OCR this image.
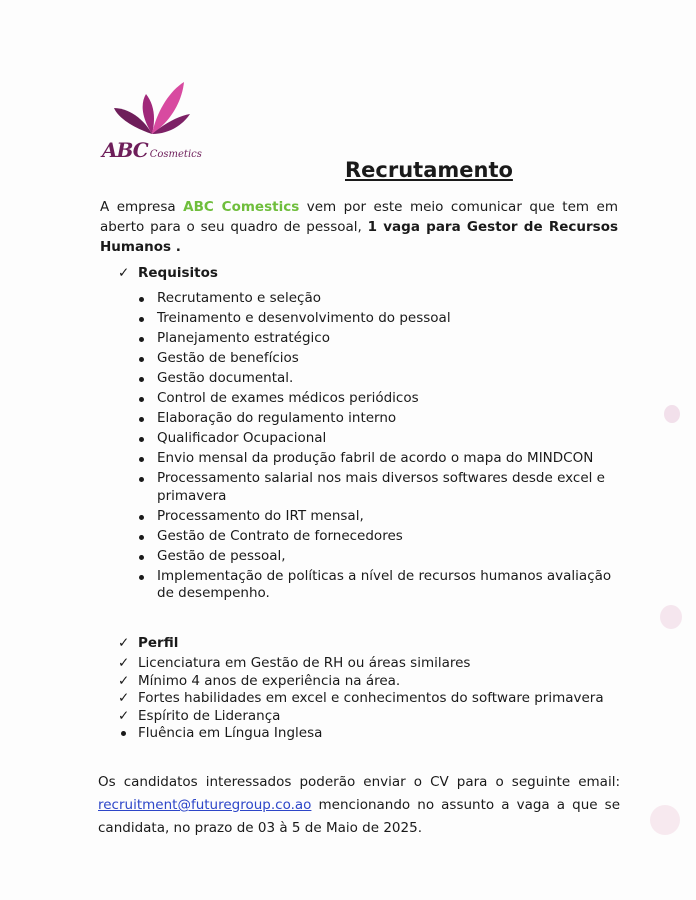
ABC Cosmetics
Recrutamento
A empresa ABC Comestics vem por este meio comunicar que tem em aberto para o seu quadro de pessoal, 1 vaga para Gestor de Recursos Humanos .
✓ Requisitos
Recrutamento e seleção
Treinamento e desenvolvimento do pessoal
Planejamento estratégico
Gestão de benefícios
Gestão documental.
Control de exames médicos periódicos
Elaboração do regulamento interno
Qualificador Ocupacional
Envio mensal da produção fabril de acordo o mapa do MINDCON
Processamento salarial nos mais diversos softwares desde excel e primavera
Processamento do IRT mensal,
Gestão de Contrato de fornecedores
Gestão de pessoal,
Implementação de políticas a nível de recursos humanos avaliação de desempenho.
✓ Perfil
✓ Licenciatura em Gestão de RH ou áreas similares
✓ Mínimo 4 anos de experiência na área.
✓ Fortes habilidades em excel e conhecimentos do software primavera
✓ Espírito de Liderança
Fluência em Língua Inglesa
Os candidatos interessados poderão enviar o CV para o seguinte email: recruitment@futuregroup.co.ao mencionando no assunto a vaga a que se candidata, no prazo de 03 à 5 de Maio de 2025.
